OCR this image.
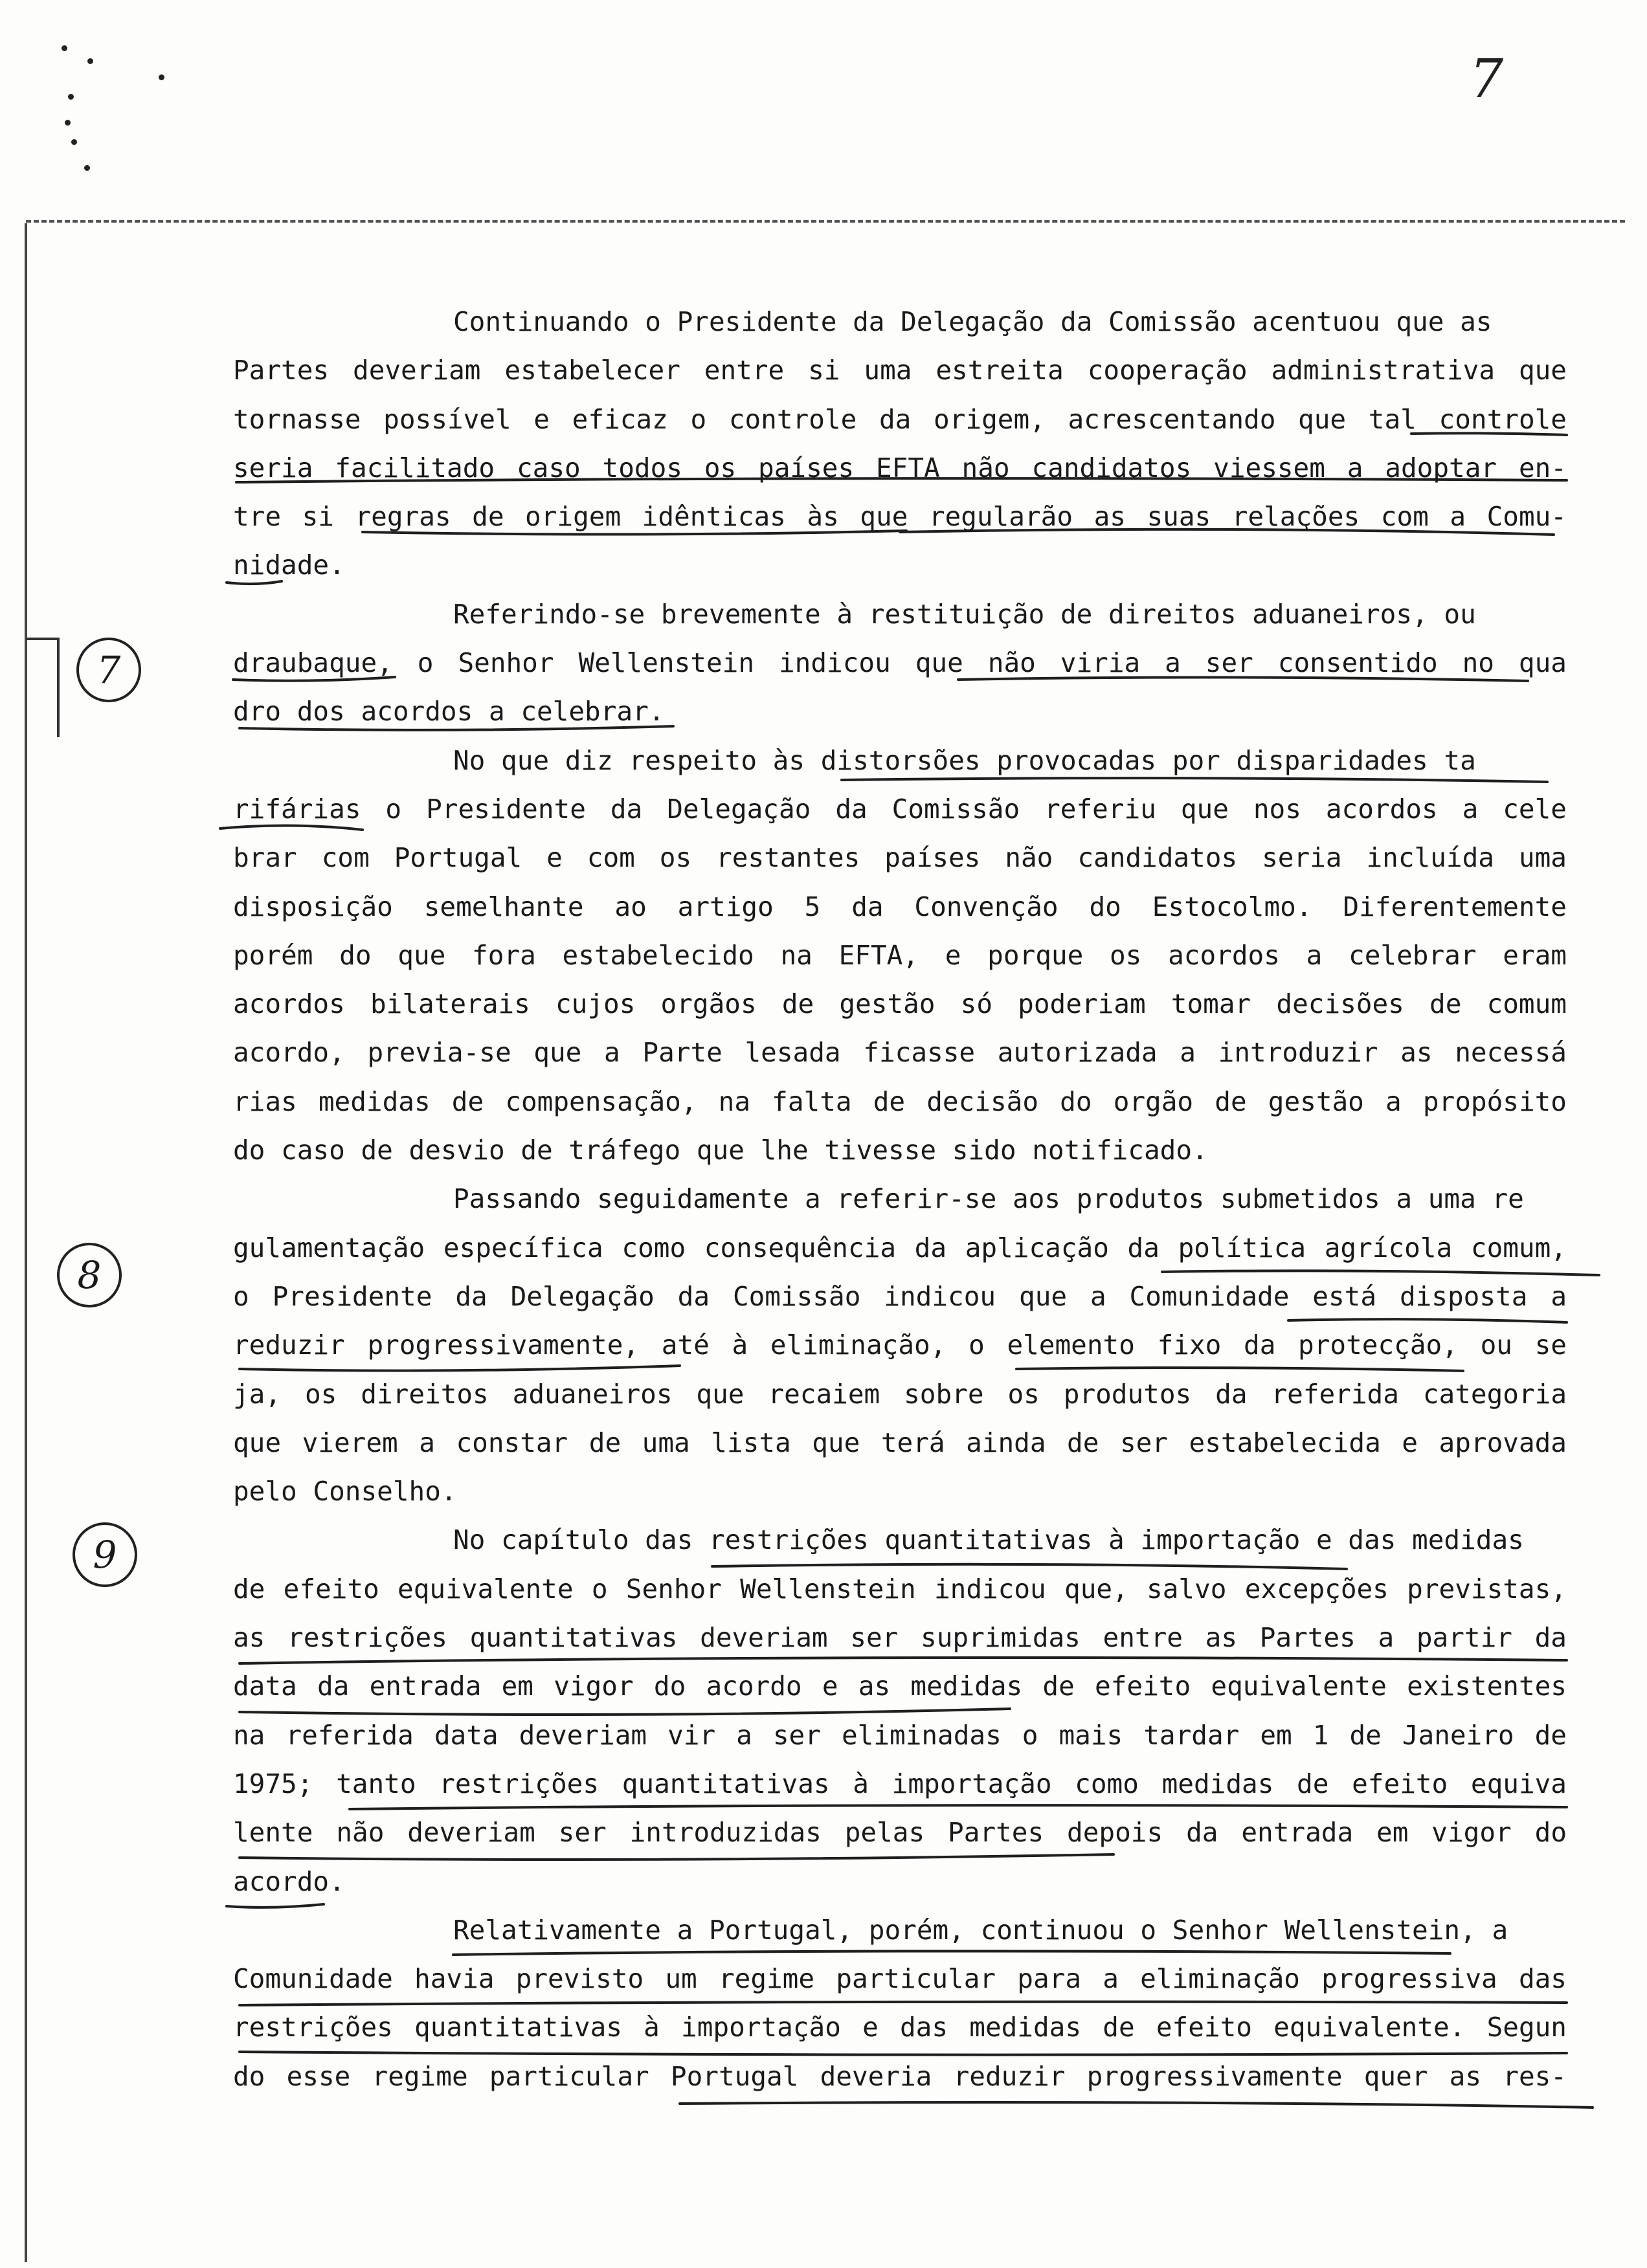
7
7
8
9
Continuando o Presidente da Delegação da Comissão acentuou que as
Partes deveriam estabelecer entre si uma estreita cooperação administrativa que
tornasse possível e eficaz o controle da origem, acrescentando que tal controle
seria facilitado caso todos os países EFTA não candidatos viessem a adoptar en-
tre si regras de origem idênticas às que regularão as suas relações com a Comu-
nidade.
Referindo-se brevemente à restituição de direitos aduaneiros, ou
draubaque, o Senhor Wellenstein indicou que não viria a ser consentido no qua
dro dos acordos a celebrar.
No que diz respeito às distorsões provocadas por disparidades ta
rifárias o Presidente da Delegação da Comissão referiu que nos acordos a cele
brar com Portugal e com os restantes países não candidatos seria incluída uma
disposição semelhante ao artigo 5 da Convenção do Estocolmo. Diferentemente
porém do que fora estabelecido na EFTA, e porque os acordos a celebrar eram
acordos bilaterais cujos orgãos de gestão só poderiam tomar decisões de comum
acordo, previa-se que a Parte lesada ficasse autorizada a introduzir as necessá
rias medidas de compensação, na falta de decisão do orgão de gestão a propósito
do caso de desvio de tráfego que lhe tivesse sido notificado.
Passando seguidamente a referir-se aos produtos submetidos a uma re
gulamentação específica como consequência da aplicação da política agrícola comum,
o Presidente da Delegação da Comissão indicou que a Comunidade está disposta a
reduzir progressivamente, até à eliminação, o elemento fixo da protecção, ou se
ja, os direitos aduaneiros que recaiem sobre os produtos da referida categoria
que vierem a constar de uma lista que terá ainda de ser estabelecida e aprovada
pelo Conselho.
No capítulo das restrições quantitativas à importação e das medidas
de efeito equivalente o Senhor Wellenstein indicou que, salvo excepções previstas,
as restrições quantitativas deveriam ser suprimidas entre as Partes a partir da
data da entrada em vigor do acordo e as medidas de efeito equivalente existentes
na referida data deveriam vir a ser eliminadas o mais tardar em 1 de Janeiro de
1975; tanto restrições quantitativas à importação como medidas de efeito equiva
lente não deveriam ser introduzidas pelas Partes depois da entrada em vigor do
acordo.
Relativamente a Portugal, porém, continuou o Senhor Wellenstein, a
Comunidade havia previsto um regime particular para a eliminação progressiva das
restrições quantitativas à importação e das medidas de efeito equivalente. Segun
do esse regime particular Portugal deveria reduzir progressivamente quer as res-
